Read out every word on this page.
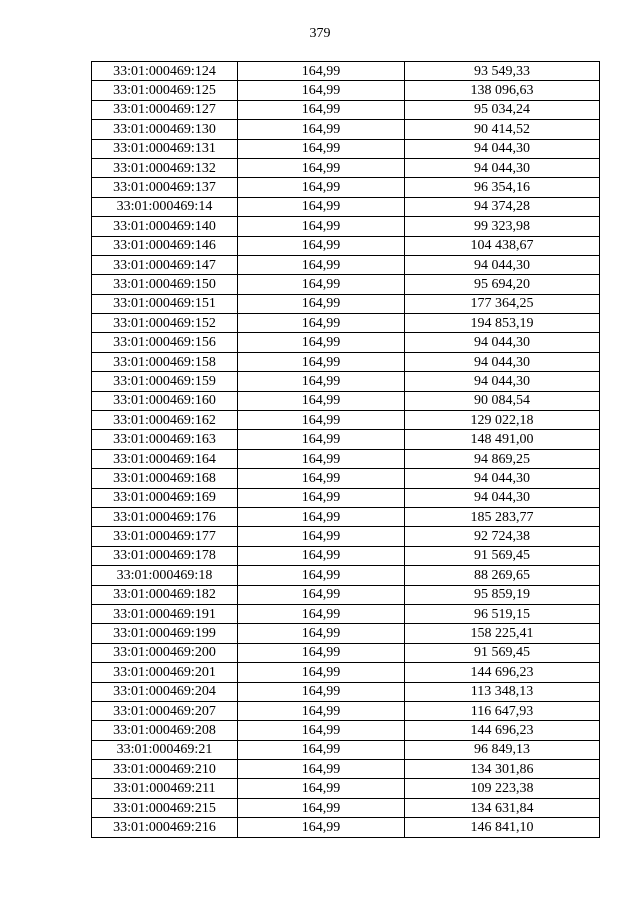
379
33:01:000469:124	164,99	93 549,33
33:01:000469:125	164,99	138 096,63
33:01:000469:127	164,99	95 034,24
33:01:000469:130	164,99	90 414,52
33:01:000469:131	164,99	94 044,30
33:01:000469:132	164,99	94 044,30
33:01:000469:137	164,99	96 354,16
33:01:000469:14	164,99	94 374,28
33:01:000469:140	164,99	99 323,98
33:01:000469:146	164,99	104 438,67
33:01:000469:147	164,99	94 044,30
33:01:000469:150	164,99	95 694,20
33:01:000469:151	164,99	177 364,25
33:01:000469:152	164,99	194 853,19
33:01:000469:156	164,99	94 044,30
33:01:000469:158	164,99	94 044,30
33:01:000469:159	164,99	94 044,30
33:01:000469:160	164,99	90 084,54
33:01:000469:162	164,99	129 022,18
33:01:000469:163	164,99	148 491,00
33:01:000469:164	164,99	94 869,25
33:01:000469:168	164,99	94 044,30
33:01:000469:169	164,99	94 044,30
33:01:000469:176	164,99	185 283,77
33:01:000469:177	164,99	92 724,38
33:01:000469:178	164,99	91 569,45
33:01:000469:18	164,99	88 269,65
33:01:000469:182	164,99	95 859,19
33:01:000469:191	164,99	96 519,15
33:01:000469:199	164,99	158 225,41
33:01:000469:200	164,99	91 569,45
33:01:000469:201	164,99	144 696,23
33:01:000469:204	164,99	113 348,13
33:01:000469:207	164,99	116 647,93
33:01:000469:208	164,99	144 696,23
33:01:000469:21	164,99	96 849,13
33:01:000469:210	164,99	134 301,86
33:01:000469:211	164,99	109 223,38
33:01:000469:215	164,99	134 631,84
33:01:000469:216	164,99	146 841,10
